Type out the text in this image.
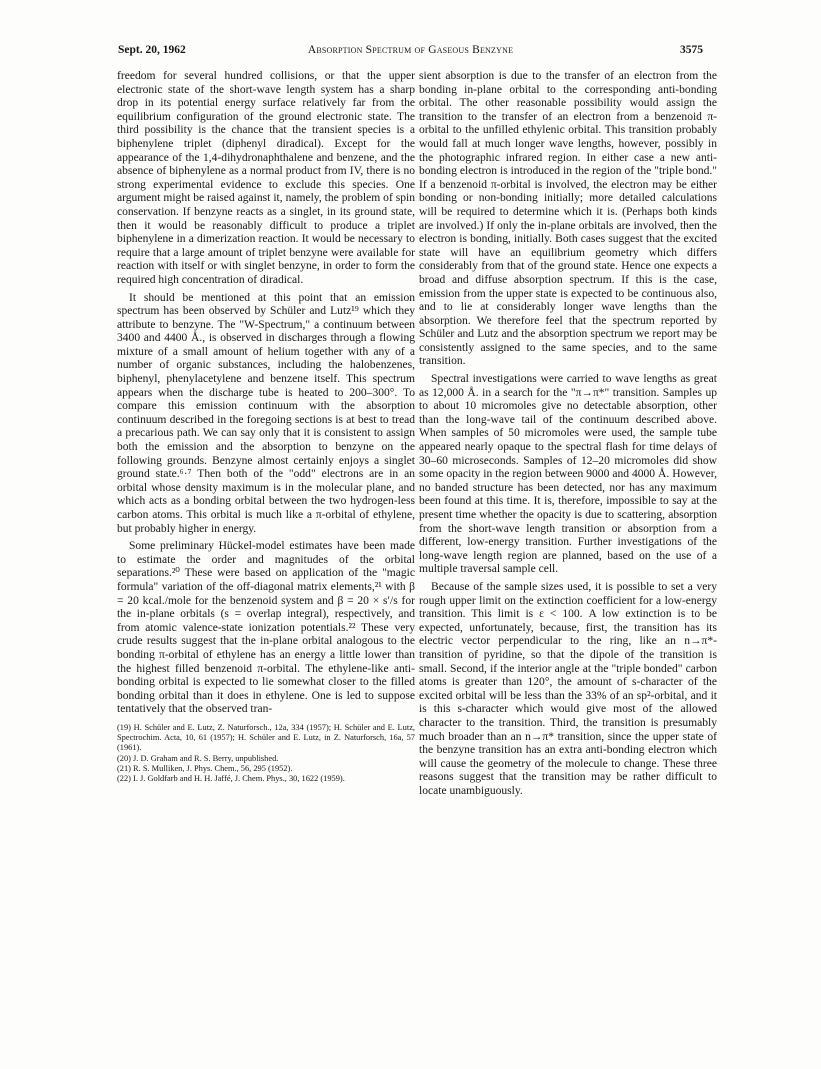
Sept. 20, 1962	Absorption Spectrum of Gaseous Benzyne	3575

freedom for several hundred collisions, or that the upper electronic state of the short-wave length system has a sharp drop in its potential energy surface relatively far from the equilibrium configuration of the ground electronic state. The third possibility is the chance that the transient species is a biphenylene triplet (diphenyl diradical). Except for the appearance of the 1,4-dihydronaphthalene and benzene, and the absence of biphenylene as a normal product from IV, there is no strong experimental evidence to exclude this species. One argument might be raised against it, namely, the problem of spin conservation. If benzyne reacts as a singlet, in its ground state, then it would be reasonably difficult to produce a triplet biphenylene in a dimerization reaction. It would be necessary to require that a large amount of triplet benzyne were available for reaction with itself or with singlet benzyne, in order to form the required high concentration of diradical.

It should be mentioned at this point that an emission spectrum has been observed by Schüler and Lutz¹⁹ which they attribute to benzyne. The "W-Spectrum," a continuum between 3400 and 4400 Å., is observed in discharges through a flowing mixture of a small amount of helium together with any of a number of organic substances, including the halobenzenes, biphenyl, phenylacetylene and benzene itself. This spectrum appears when the discharge tube is heated to 200–300°. To compare this emission continuum with the absorption continuum described in the foregoing sections is at best to tread a precarious path. We can say only that it is consistent to assign both the emission and the absorption to benzyne on the following grounds. Benzyne almost certainly enjoys a singlet ground state.⁶·⁷ Then both of the "odd" electrons are in an orbital whose density maximum is in the molecular plane, and which acts as a bonding orbital between the two hydrogen-less carbon atoms. This orbital is much like a π-orbital of ethylene, but probably higher in energy.

Some preliminary Hückel-model estimates have been made to estimate the order and magnitudes of the orbital separations.²⁰ These were based on application of the "magic formula" variation of the off-diagonal matrix elements,²¹ with β = 20 kcal./mole for the benzenoid system and β = 20 × s′/s for the in-plane orbitals (s = overlap integral), respectively, and from atomic valence-state ionization potentials.²² These very crude results suggest that the in-plane orbital analogous to the bonding π-orbital of ethylene has an energy a little lower than the highest filled benzenoid π-orbital. The ethylene-like anti-bonding orbital is expected to lie somewhat closer to the filled bonding orbital than it does in ethylene. One is led to suppose tentatively that the observed tran-

(19) H. Schüler and E. Lutz, Z. Naturforsch., 12a, 334 (1957); H. Schüler and E. Lutz, Spectrochim. Acta, 10, 61 (1957); H. Schüler and E. Lutz, in Z. Naturforsch, 16a, 57 (1961).
(20) J. D. Graham and R. S. Berry, unpublished.
(21) R. S. Mulliken, J. Phys. Chem., 56, 295 (1952).
(22) I. J. Goldfarb and H. H. Jaffé, J. Chem. Phys., 30, 1622 (1959).

sient absorption is due to the transfer of an electron from the bonding in-plane orbital to the corresponding anti-bonding orbital. The other reasonable possibility would assign the transition to the transfer of an electron from a benzenoid π-orbital to the unfilled ethylenic orbital. This transition probably would fall at much longer wave lengths, however, possibly in the photographic infrared region. In either case a new anti-bonding electron is introduced in the region of the "triple bond." If a benzenoid π-orbital is involved, the electron may be either bonding or non-bonding initially; more detailed calculations will be required to determine which it is. (Perhaps both kinds are involved.) If only the in-plane orbitals are involved, then the electron is bonding, initially. Both cases suggest that the excited state will have an equilibrium geometry which differs considerably from that of the ground state. Hence one expects a broad and diffuse absorption spectrum. If this is the case, emission from the upper state is expected to be continuous also, and to lie at considerably longer wave lengths than the absorption. We therefore feel that the spectrum reported by Schüler and Lutz and the absorption spectrum we report may be consistently assigned to the same species, and to the same transition.

Spectral investigations were carried to wave lengths as great as 12,000 Å. in a search for the "π→π*" transition. Samples up to about 10 micromoles give no detectable absorption, other than the long-wave tail of the continuum described above. When samples of 50 micromoles were used, the sample tube appeared nearly opaque to the spectral flash for time delays of 30–60 microseconds. Samples of 12–20 micromoles did show some opacity in the region between 9000 and 4000 Å. However, no banded structure has been detected, nor has any maximum been found at this time. It is, therefore, impossible to say at the present time whether the opacity is due to scattering, absorption from the short-wave length transition or absorption from a different, low-energy transition. Further investigations of the long-wave length region are planned, based on the use of a multiple traversal sample cell.

Because of the sample sizes used, it is possible to set a very rough upper limit on the extinction coefficient for a low-energy transition. This limit is ε < 100. A low extinction is to be expected, unfortunately, because, first, the transition has its electric vector perpendicular to the ring, like an n→π*-transition of pyridine, so that the dipole of the transition is small. Second, if the interior angle at the "triple bonded" carbon atoms is greater than 120°, the amount of s-character of the excited orbital will be less than the 33% of an sp²-orbital, and it is this s-character which would give most of the allowed character to the transition. Third, the transition is presumably much broader than an n→π* transition, since the upper state of the benzyne transition has an extra anti-bonding electron which will cause the geometry of the molecule to change. These three reasons suggest that the transition may be rather difficult to locate unambiguously.
